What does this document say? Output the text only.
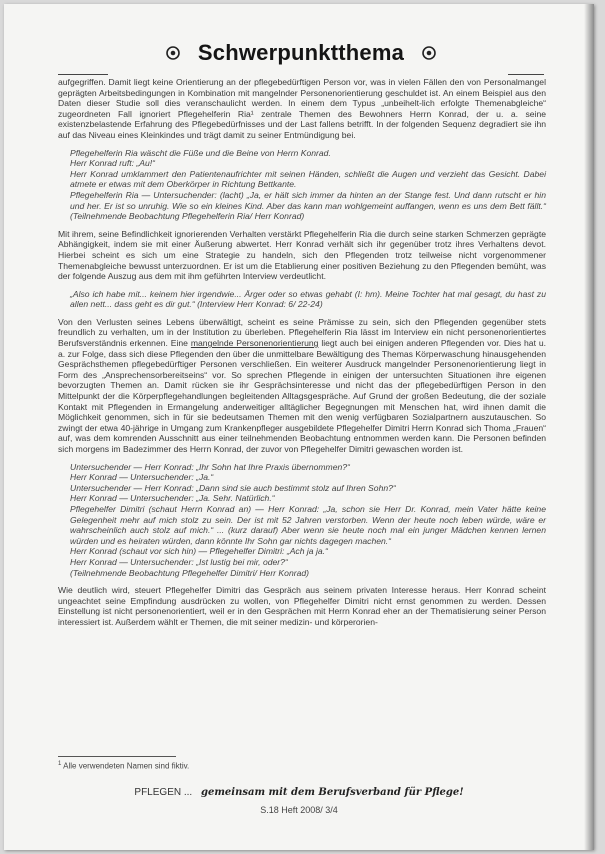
Schwerpunktthema

aufgegriffen. Damit liegt keine Orientierung an der pflegebedürftigen Person vor, was in vielen Fällen den von Personalmangel geprägten Arbeitsbedingungen in Kombination mit mangelnder Personenorientierung geschuldet ist. An einem Beispiel aus den Daten dieser Studie soll dies veranschaulicht werden. In einem dem Typus „unbeihelt-lich erfolgte Themenabgleiche“ zugeordneten Fall ignoriert Pflegehelferin Ria¹ zentrale Themen des Bewohners Herrn Konrad, der u. a. seine existenzbelastende Erfahrung des Pflegebedürfnisses und der Last fallens betrifft. In der folgenden Sequenz degradiert sie ihn auf das Niveau eines Kleinkindes und trägt damit zu seiner Entmündigung bei.

Pflegehelferin Ria wäscht die Füße und die Beine von Herrn Konrad.
Herr Konrad ruft: „Au!“
Herr Konrad umklammert den Patientenaufrichter mit seinen Händen, schließt die Augen und verzieht das Gesicht. Dabei atmete er etwas mit dem Oberkörper in Richtung Bettkante.
Pflegehelferin Ria — Untersuchender: (lacht) „Ja, er hält sich immer da hinten an der Stange fest. Und dann rutscht er hin und her. Er ist so unruhig. Wie so ein kleines Kind. Aber das kann man wohlgemeint auffangen, wenn es uns dem Bett fällt.“ (Teilnehmende Beobachtung Pflegehelferin Ria/ Herr Konrad)

Mit ihrem, seine Befindlichkeit ignorierenden Verhalten verstärkt Pflegehelferin Ria die durch seine starken Schmerzen geprägte Abhängigkeit, indem sie mit einer Äußerung abwertet. Herr Konrad verhält sich ihr gegenüber trotz ihres Verhaltens devot. Hierbei scheint es sich um eine Strategie zu handeln, sich den Pflegenden trotz teilweise nicht vorgenommener Themenabgleiche bewusst unterzuordnen. Er ist um die Etablierung einer positiven Beziehung zu den Pflegenden bemüht, was der folgende Auszug aus dem mit ihm geführten Interview verdeutlicht.

„Also ich habe mit... keinem hier irgendwie... Ärger oder so etwas gehabt (I: hm). Meine Tochter hat mal gesagt, du hast zu allen nett... dass geht es dir gut.“ (Interview Herr Konrad: 6/ 22-24)

Von den Verlusten seines Lebens überwältigt, scheint es seine Prämisse zu sein, sich den Pflegenden gegenüber stets freundlich zu verhalten, um in der Institution zu überleben. Pflegehelferin Ria lässt im Interview ein nicht personenorientiertes Berufsverständnis erkennen. Eine mangelnde Personenorientierung liegt auch bei einigen anderen Pflegenden vor. Dies hat u. a. zur Folge, dass sich diese Pflegenden den über die unmittelbare Bewältigung des Themas Körperwaschung hinausgehenden Gesprächsthemen pflegebedürftiger Personen verschließen. Ein weiterer Ausdruck mangelnder Personenorientierung liegt in Form des „Ansprechensorbereitseins“ vor. So sprechen Pflegende in einigen der untersuchten Situationen ihre eigenen bevorzugten Themen an. Damit rücken sie ihr Gesprächsinteresse und nicht das der pflegebedürftigen Person in den Mittelpunkt der die Körperpflegehandlungen begleitenden Alltagsgespräche. Auf Grund der großen Bedeutung, die der soziale Kontakt mit Pflegenden in Ermangelung anderweitiger alltäglicher Begegnungen mit Menschen hat, wird ihnen damit die Möglichkeit genommen, sich in für sie bedeutsamen Themen mit den wenig verfügbaren Sozialpartnern auszutauschen. So zwingt der etwa 40-jährige in Umgang zum Krankenpfleger ausgebildete Pflegehelfer Dimitri Herrn Konrad sich Thoma „Frauen“ auf, was dem komrenden Ausschnitt aus einer teilnehmenden Beobachtung entnommen werden kann. Die Personen befinden sich morgens im Badezimmer des Herrn Konrad, der zuvor von Pflegehelfer Dimitri gewaschen worden ist.

Untersuchender — Herr Konrad: „Ihr Sohn hat Ihre Praxis übernommen?“
Herr Konrad — Untersuchender: „Ja.“
Untersuchender — Herr Konrad: „Dann sind sie auch bestimmt stolz auf Ihren Sohn?“
Herr Konrad — Untersuchender: „Ja. Sehr. Natürlich.“
Pflegehelfer Dimitri (schaut Herrn Konrad an) — Herr Konrad: „Ja, schon sie Herr Dr. Konrad, mein Vater hätte keine Gelegenheit mehr auf mich stolz zu sein. Der ist mit 52 Jahren verstorben. Wenn der heute noch leben würde, wäre er wahrscheinlich auch stolz auf mich.“ ... (kurz darauf) Aber wenn sie heute noch mal ein junger Mädchen kennen lernen würden und es heiraten würden, dann könnte Ihr Sohn gar nichts dagegen machen.“
Herr Konrad (schaut vor sich hin) — Pflegehelfer Dimitri: „Ach ja ja.“
Herr Konrad — Untersuchender: „Ist lustig bei mir, oder?“
(Teilnehmende Beobachtung Pflegehelfer Dimitri/ Herr Konrad)

Wie deutlich wird, steuert Pflegehelfer Dimitri das Gespräch aus seinem privaten Interesse heraus. Herr Konrad scheint ungeachtet seine Empfindung ausdrücken zu wollen, von Pflegehelfer Dimitri nicht ernst genommen zu werden. Dessen Einstellung ist nicht personenorientiert, weil er in den Gesprächen mit Herrn Konrad eher an der Thematisierung seiner Person interessiert ist. Außerdem wählt er Themen, die mit seiner medizin- und körperorien-

$^1$ Alle verwendeten Namen sind fiktiv.
PFLEGEN ... gemeinsam mit dem Berufsverband für Pflege!
S.18 Heft 2008/ 3/4
